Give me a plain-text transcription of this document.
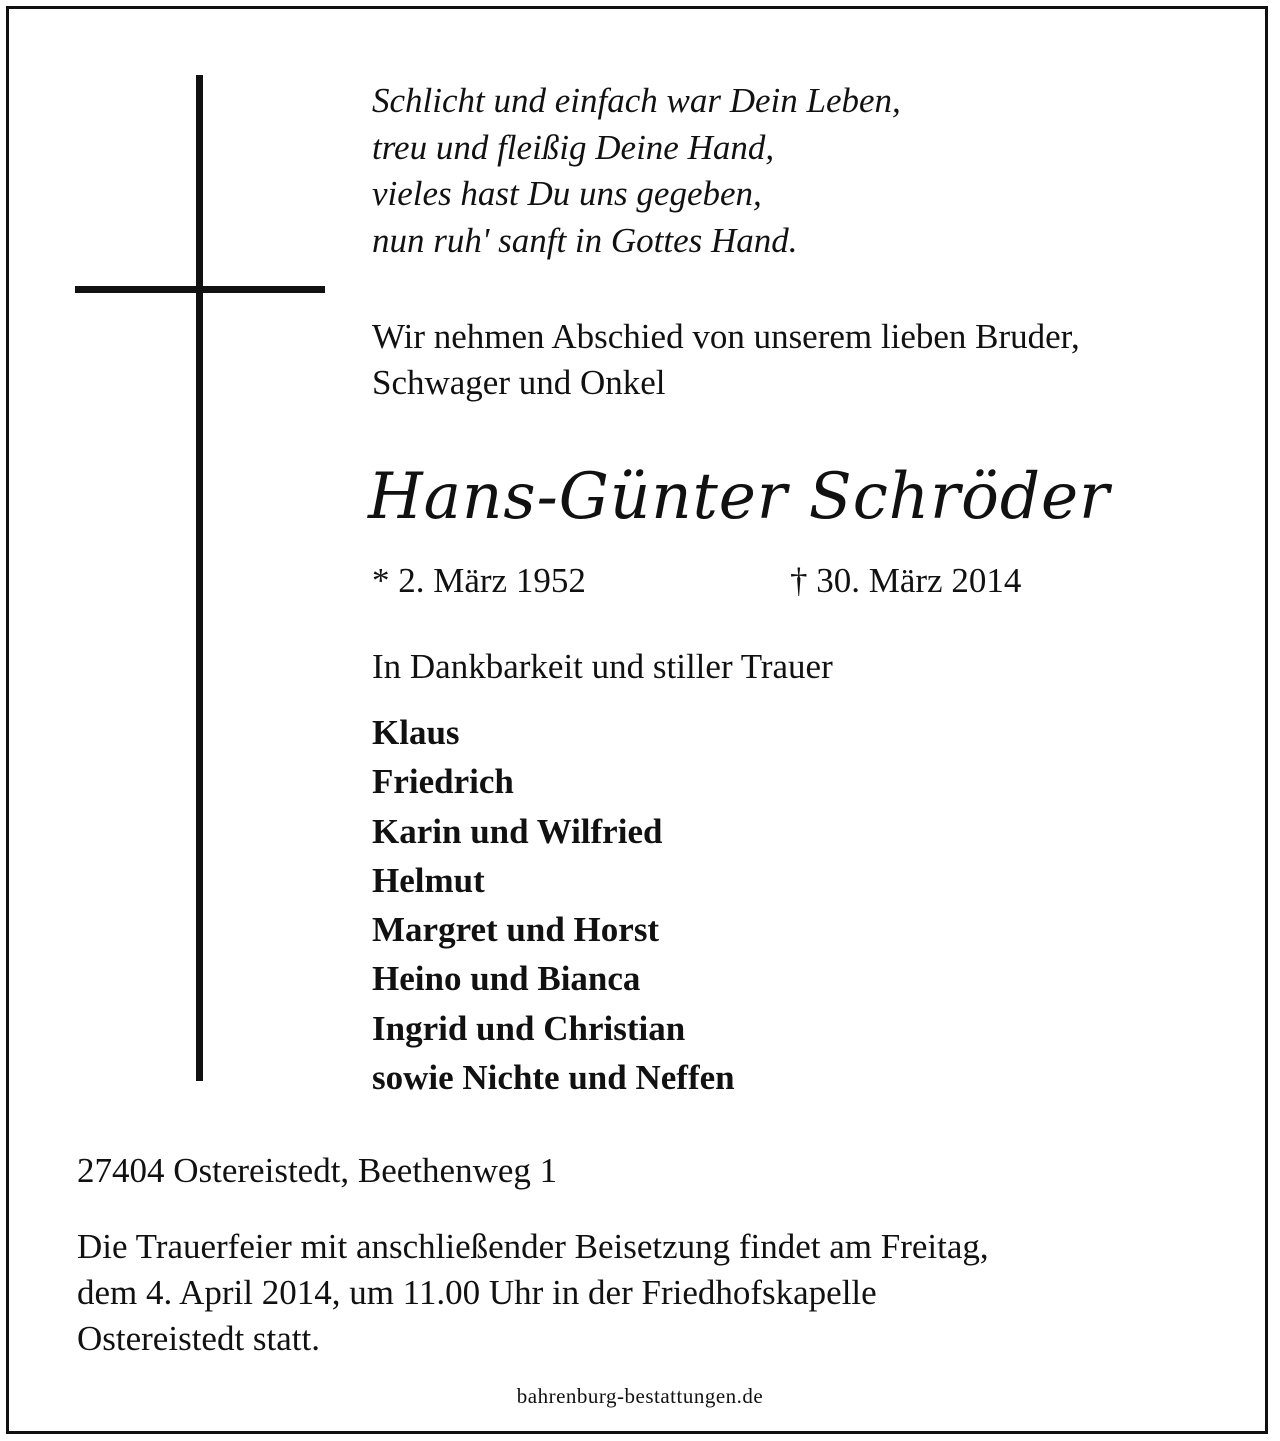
Schlicht und einfach war Dein Leben,
treu und fleißig Deine Hand,
vieles hast Du uns gegeben,
nun ruh' sanft in Gottes Hand.
Wir nehmen Abschied von unserem lieben Bruder,
Schwager und Onkel
Hans-Günter Schröder
* 2. März 1952	† 30. März 2014
In Dankbarkeit und stiller Trauer
Klaus
Friedrich
Karin und Wilfried
Helmut
Margret und Horst
Heino und Bianca
Ingrid und Christian
sowie Nichte und Neffen
27404 Ostereistedt, Beethenweg 1
Die Trauerfeier mit anschließender Beisetzung findet am Freitag,
dem 4. April 2014, um 11.00 Uhr in der Friedhofskapelle
Ostereistedt statt.
bahrenburg-bestattungen.de
